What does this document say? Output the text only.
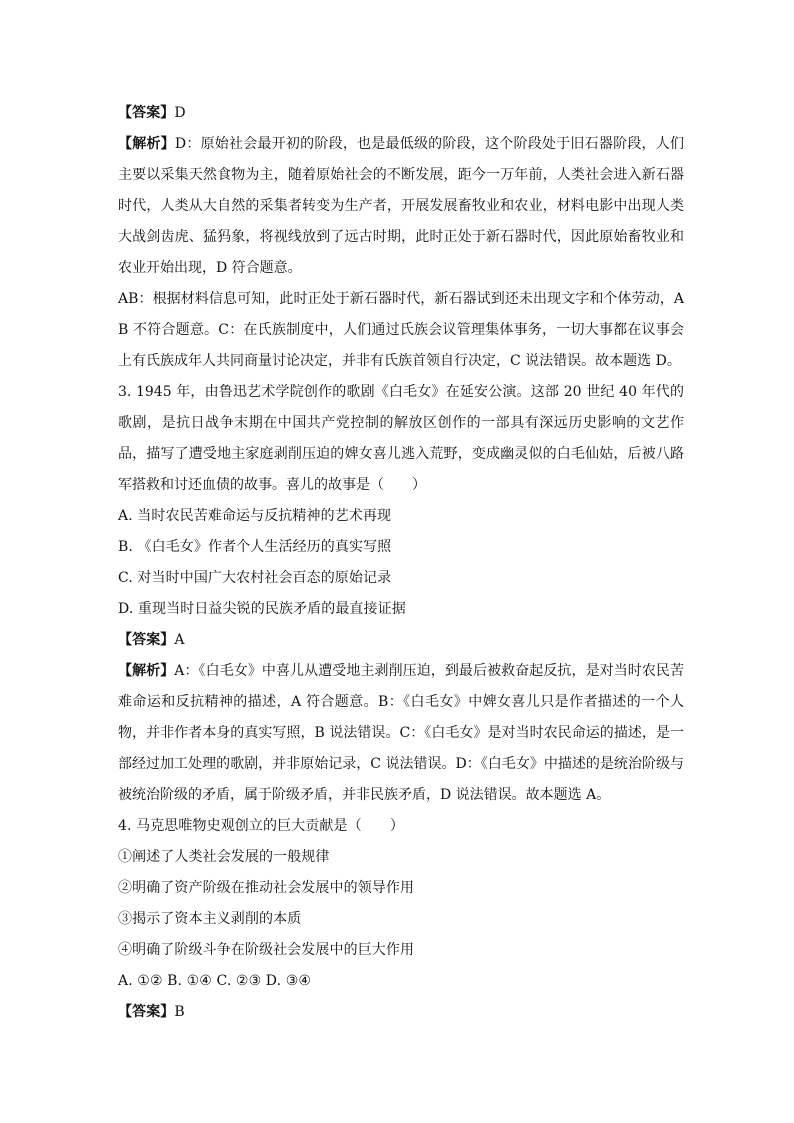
【答案】D
【解析】D：原始社会最开初的阶段，也是最低级的阶段，这个阶段处于旧石器阶段，人们主要以采集天然食物为主，随着原始社会的不断发展，距今一万年前，人类社会进入新石器时代，人类从大自然的采集者转变为生产者，开展发展畜牧业和农业，材料电影中出现人类大战剑齿虎、猛犸象，将视线放到了远古时期，此时正处于新石器时代，因此原始畜牧业和农业开始出现，D 符合题意。
AB：根据材料信息可知，此时正处于新石器时代，新石器试到还未出现文字和个体劳动，AB 不符合题意。C：在氏族制度中，人们通过氏族会议管理集体事务，一切大事都在议事会上有氏族成年人共同商量讨论决定，并非有氏族首领自行决定，C 说法错误。故本题选 D。
3. 1945 年，由鲁迅艺术学院创作的歌剧《白毛女》在延安公演。这部 20 世纪 40 年代的歌剧，是抗日战争末期在中国共产党控制的解放区创作的一部具有深远历史影响的文艺作品，描写了遭受地主家庭剥削压迫的婢女喜儿逃入荒野，变成幽灵似的白毛仙姑，后被八路军搭救和讨还血债的故事。喜儿的故事是（　　）
A. 当时农民苦难命运与反抗精神的艺术再现
B. 《白毛女》作者个人生活经历的真实写照
C. 对当时中国广大农村社会百态的原始记录
D. 重现当时日益尖锐的民族矛盾的最直接证据
【答案】A
【解析】A：《白毛女》中喜儿从遭受地主剥削压迫，到最后被救奋起反抗，是对当时农民苦难命运和反抗精神的描述，A 符合题意。B：《白毛女》中婢女喜儿只是作者描述的一个人物，并非作者本身的真实写照，B 说法错误。C：《白毛女》是对当时农民命运的描述，是一部经过加工处理的歌剧，并非原始记录，C 说法错误。D：《白毛女》中描述的是统治阶级与被统治阶级的矛盾，属于阶级矛盾，并非民族矛盾，D 说法错误。故本题选 A。
4. 马克思唯物史观创立的巨大贡献是（　　）
①阐述了人类社会发展的一般规律
②明确了资产阶级在推动社会发展中的领导作用
③揭示了资本主义剥削的本质
④明确了阶级斗争在阶级社会发展中的巨大作用
A. ①② B. ①④ C. ②③ D. ③④
【答案】B
